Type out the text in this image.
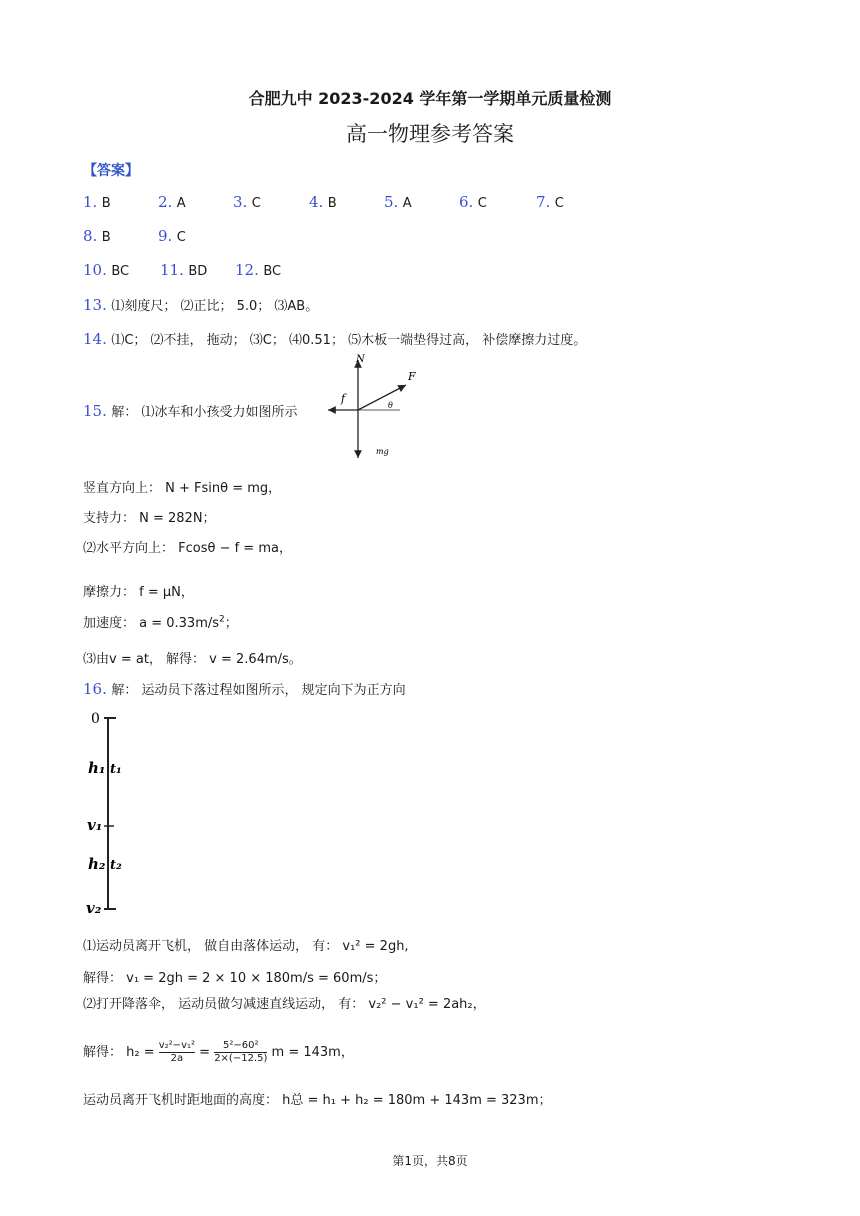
合肥九中 2023-2024 学年第一学期单元质量检测
高一物理参考答案
【答案】
1. B	2. A	3. C	4. B	5. A	6. C	7. C
8. B	9. C
10. BC 11. BD 12. BC
13. ⑴刻度尺； ⑵正比； 5.0； ⑶AB。
14. ⑴C； ⑵不挂， 拖动； ⑶C； ⑷0.51； ⑸木板一端垫得过高， 补偿摩擦力过度。
15. 解： ⑴冰车和小孩受力如图所示
N
F
f
θ
mg
竖直方向上： N + Fsinθ = mg，
支持力： N = 282N；
⑵水平方向上： Fcosθ − f = ma，
摩擦力： f = μN，
加速度： $a = 0.33m/s^2$；
⑶由v = at， 解得： v = 2.64m/s。
16. 解： 运动员下落过程如图所示， 规定向下为正方向
0
h₁ t₁
v₁
h₂ t₂
v₂
⑴运动员离开飞机， 做自由落体运动， 有： v₁² = 2gh,
解得： v₁ = 2gh = 2 × 10 × 180m/s = 60m/s；
⑵打开降落伞， 运动员做匀减速直线运动， 有： v₂² − v₁² = 2ah₂，
解得： $h_2 = \frac{\text{v₂²−v₁²}}{2a} = \frac{\text{5²−60²}}{2\times(-12.5)}$ m = 143m，
运动员离开飞机时距地面的高度： h总 = h₁ + h₂ = 180m + 143m = 323m；
第1页，共8页
